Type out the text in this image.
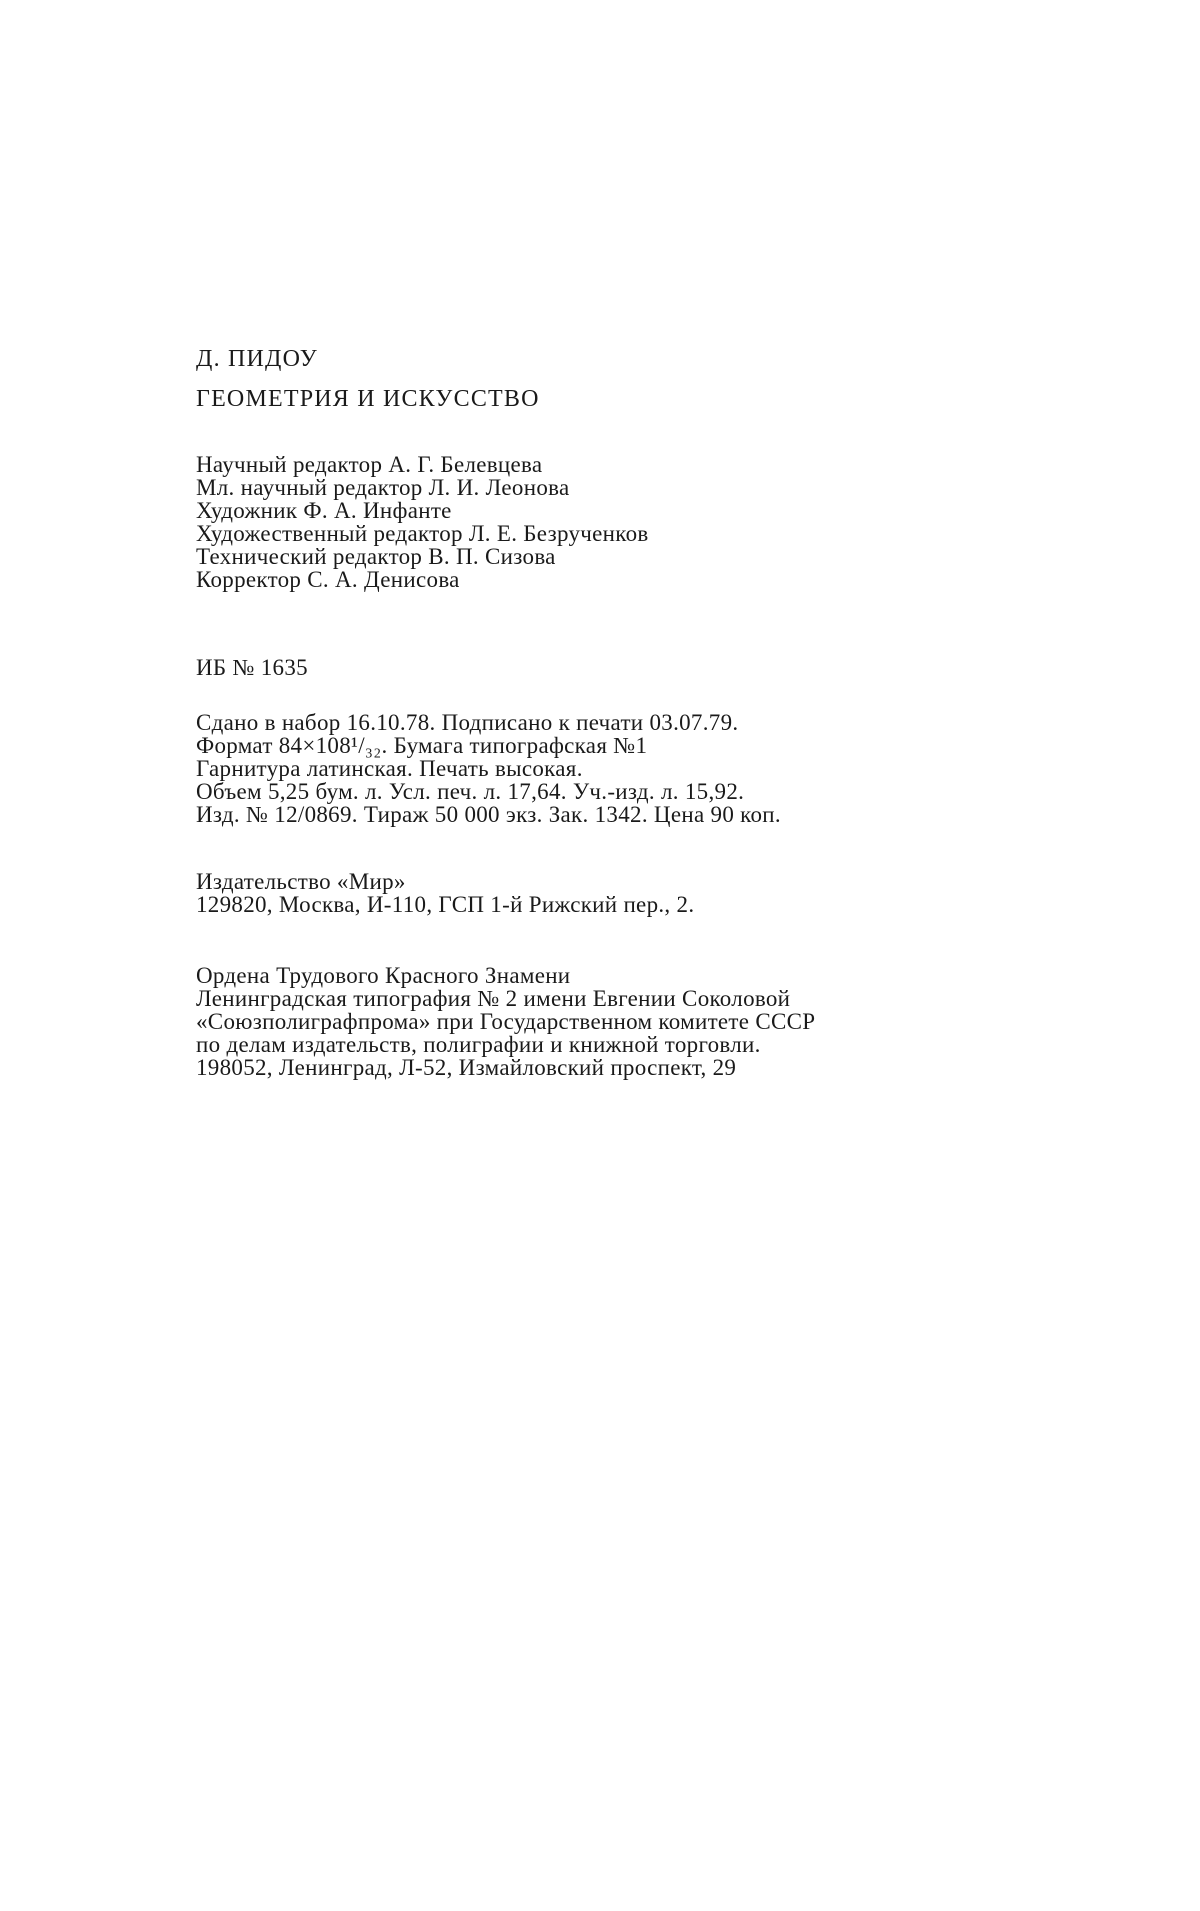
Д. ПИДОУ
ГЕОМЕТРИЯ И ИСКУССТВО
Научный редактор А. Г. Белевцева
Мл. научный редактор Л. И. Леонова
Художник Ф. А. Инфанте
Художественный редактор Л. Е. Безрученков
Технический редактор В. П. Сизова
Корректор С. А. Денисова
ИБ № 1635
Сдано в набор 16.10.78. Подписано к печати 03.07.79.
Формат 84×108¹/₃₂. Бумага типографская №1
Гарнитура латинская. Печать высокая.
Объем 5,25 бум. л. Усл. печ. л. 17,64. Уч.-изд. л. 15,92.
Изд. № 12/0869. Тираж 50 000 экз. Зак. 1342. Цена 90 коп.
Издательство «Мир»
129820, Москва, И-110, ГСП 1-й Рижский пер., 2.
Ордена Трудового Красного Знамени
Ленинградская типография № 2 имени Евгении Соколовой
«Союзполиграфпрома» при Государственном комитете СССР
по делам издательств, полиграфии и книжной торговли.
198052, Ленинград, Л-52, Измайловский проспект, 29
